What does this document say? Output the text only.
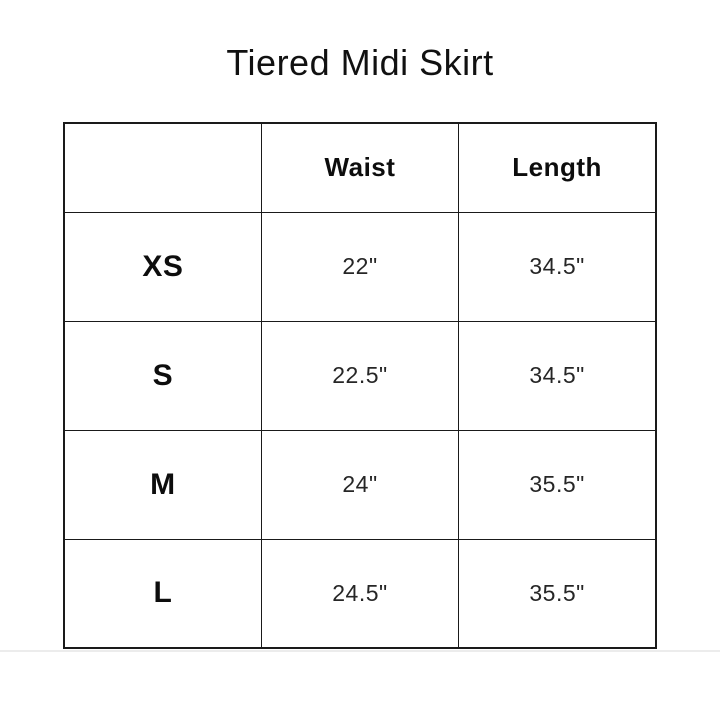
Tiered Midi Skirt
	Waist	Length
XS	22"	34.5"
S	22.5"	34.5"
M	24"	35.5"
L	24.5"	35.5"
